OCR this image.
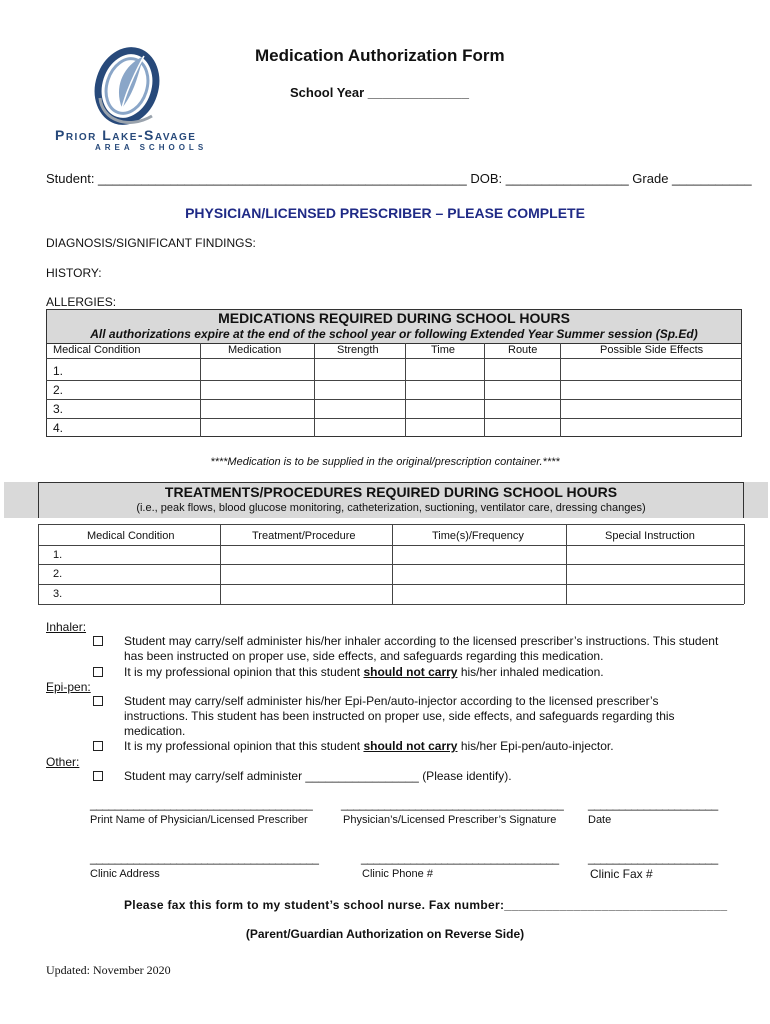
Prior Lake-Savage
AREA SCHOOLS
Medication Authorization Form
School Year ______________
Student: ___________________________________________________ DOB: _________________ Grade ___________
PHYSICIAN/LICENSED PRESCRIBER – PLEASE COMPLETE
DIAGNOSIS/SIGNIFICANT FINDINGS:
HISTORY:
ALLERGIES:
MEDICATIONS REQUIRED DURING SCHOOL HOURS
All authorizations expire at the end of the school year or following Extended Year Summer session (Sp.Ed)
Medical Condition	Medication	Strength	Time	Route	Possible Side Effects
1.
2.
3.
4.
****Medication is to be supplied in the original/prescription container.****
TREATMENTS/PROCEDURES REQUIRED DURING SCHOOL HOURS
(i.e., peak flows, blood glucose monitoring, catheterization, suctioning, ventilator care, dressing changes)
Medical Condition	Treatment/Procedure	Time(s)/Frequency	Special Instruction
1.
2.
3.
Inhaler:
Student may carry/self administer his/her inhaler according to the licensed prescriber’s instructions. This student has been instructed on proper use, side effects, and safeguards regarding this medication.
It is my professional opinion that this student should not carry his/her inhaled medication.
Epi-pen:
Student may carry/self administer his/her Epi-Pen/auto-injector according to the licensed prescriber’s instructions. This student has been instructed on proper use, side effects, and safeguards regarding this medication.
It is my professional opinion that this student should not carry his/her Epi-pen/auto-injector.
Other:
Student may carry/self administer _________________ (Please identify).
____________________________________
Print Name of Physician/Licensed Prescriber
____________________________________
Physician’s/Licensed Prescriber’s Signature
_____________________
Date
_____________________________________
Clinic Address
________________________________
Clinic Phone #
_____________________
Clinic Fax #
Please fax this form to my student’s school nurse. Fax number:________________________________
(Parent/Guardian Authorization on Reverse Side)
Updated: November 2020
